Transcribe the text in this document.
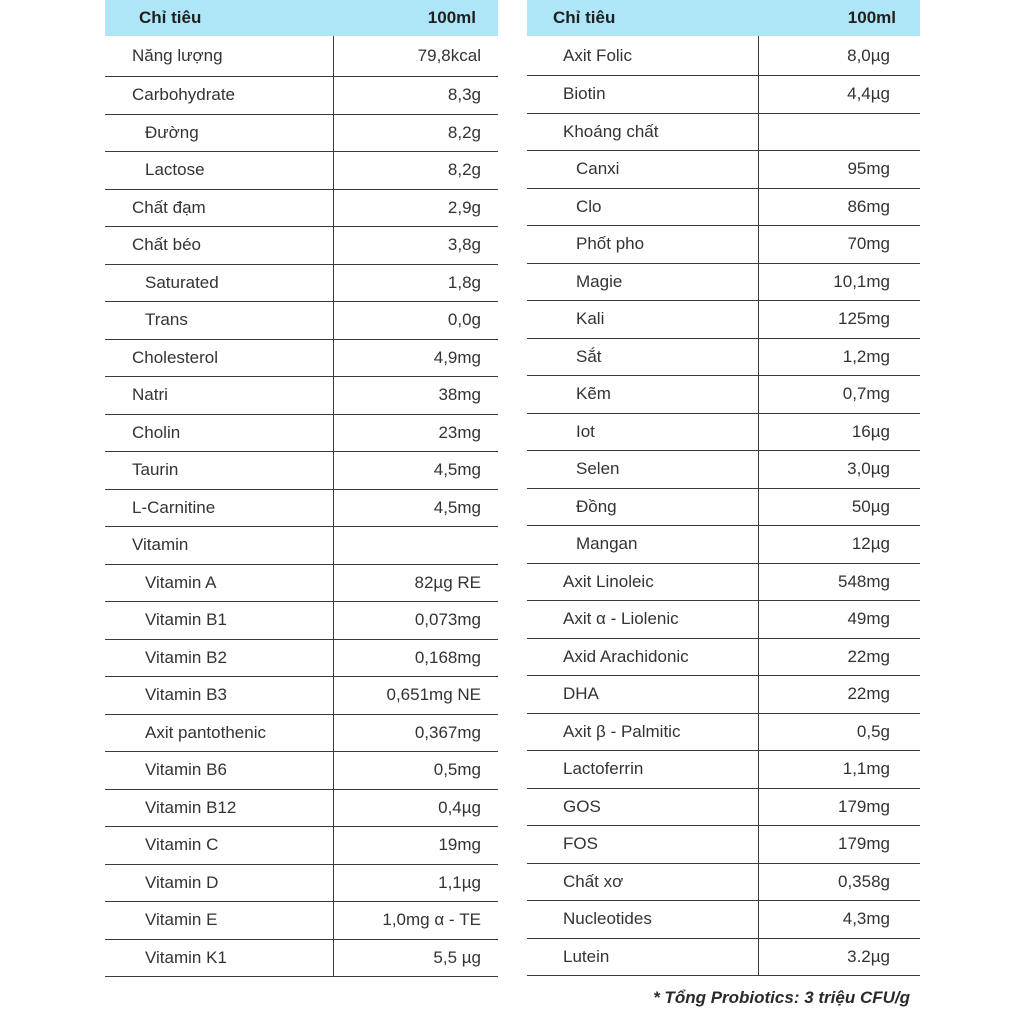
Chỉ tiêu	100ml
Năng lượng	79,8kcal
Carbohydrate	8,3g
Đường	8,2g
Lactose	8,2g
Chất đạm	2,9g
Chất béo	3,8g
Saturated	1,8g
Trans	0,0g
Cholesterol	4,9mg
Natri	38mg
Cholin	23mg
Taurin	4,5mg
L-Carnitine	4,5mg
Vitamin
Vitamin A	82µg RE
Vitamin B1	0,073mg
Vitamin B2	0,168mg
Vitamin B3	0,651mg NE
Axit pantothenic	0,367mg
Vitamin B6	0,5mg
Vitamin B12	0,4µg
Vitamin C	19mg
Vitamin D	1,1µg
Vitamin E	1,0mg α - TE
Vitamin K1	5,5 µg
Chỉ tiêu	100ml
Axit Folic	8,0µg
Biotin	4,4µg
Khoáng chất
Canxi	95mg
Clo	86mg
Phốt pho	70mg
Magie	10,1mg
Kali	125mg
Sắt	1,2mg
Kẽm	0,7mg
Iot	16µg
Selen	3,0µg
Đồng	50µg
Mangan	12µg
Axit Linoleic	548mg
Axit α - Liolenic	49mg
Axid Arachidonic	22mg
DHA	22mg
Axit β - Palmitic	0,5g
Lactoferrin	1,1mg
GOS	179mg
FOS	179mg
Chất xơ	0,358g
Nucleotides	4,3mg
Lutein	3.2µg
* Tổng Probiotics: 3 triệu CFU/g
